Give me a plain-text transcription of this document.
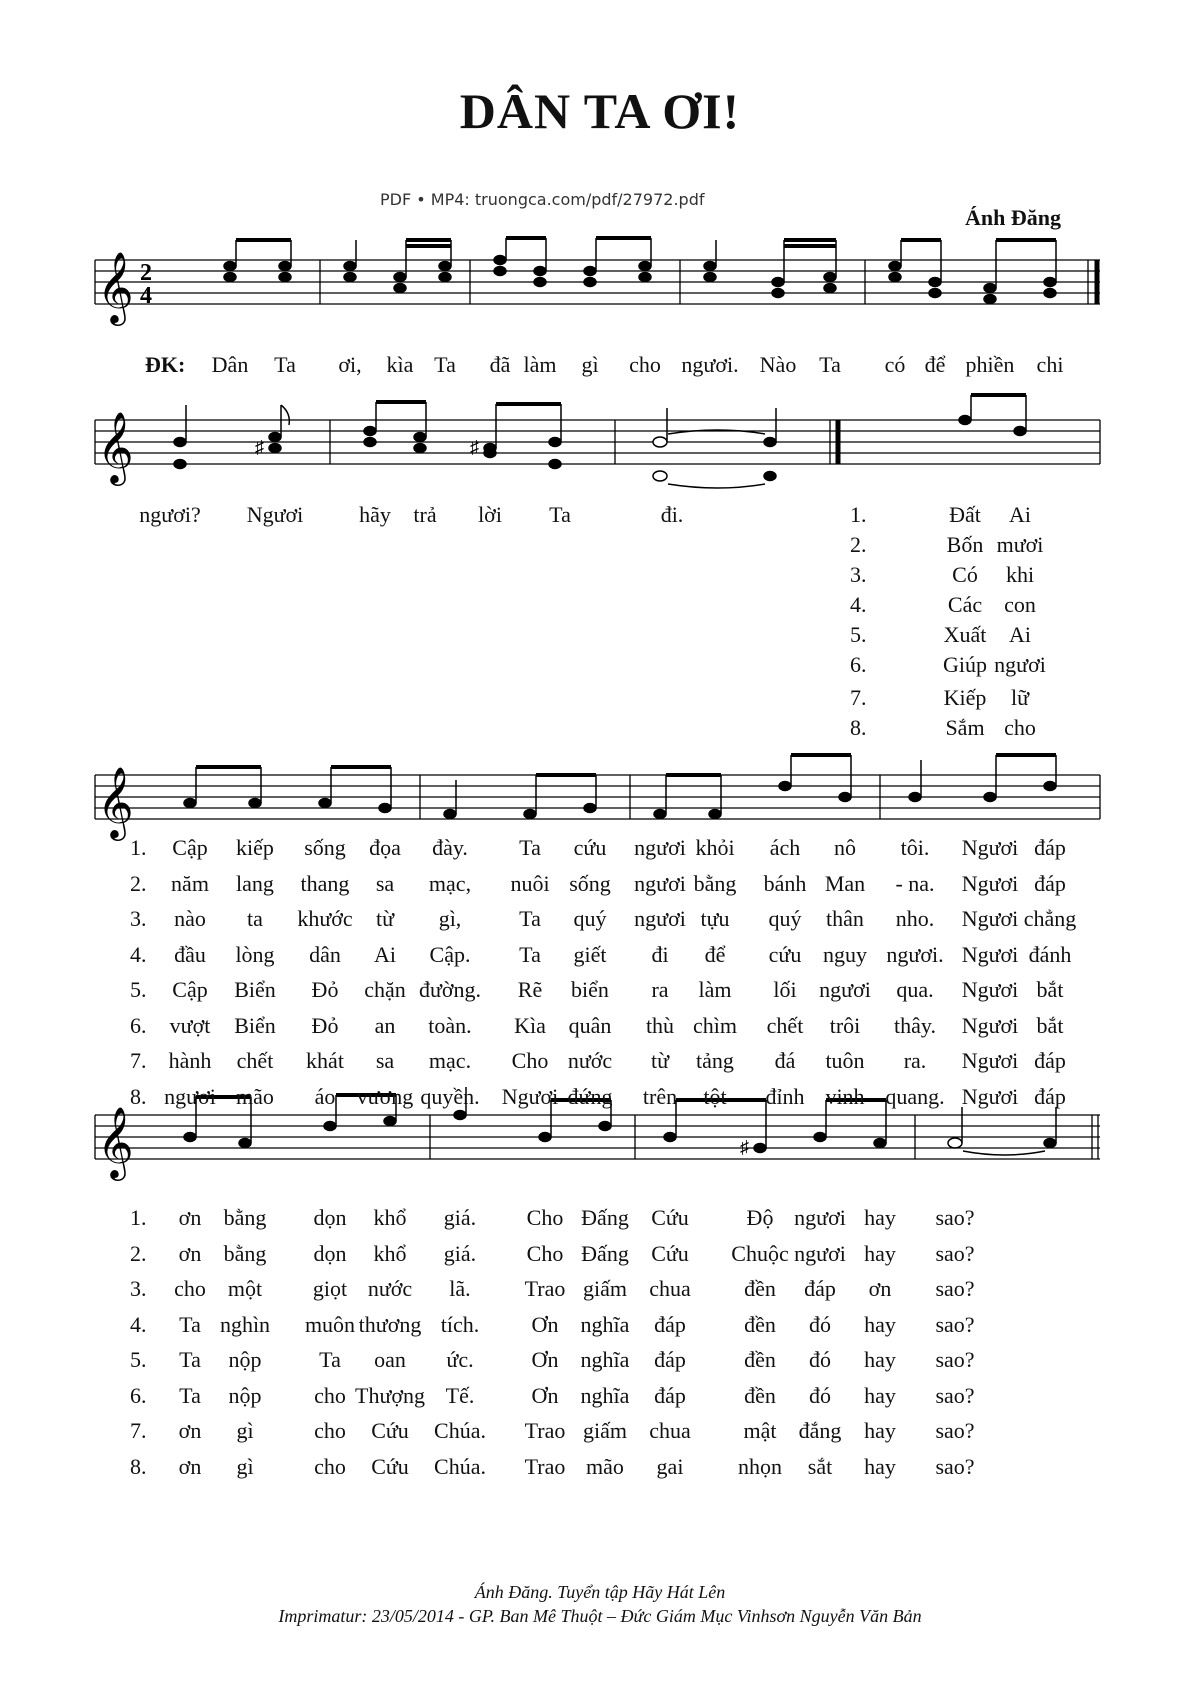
DÂN TA ƠI!
PDF • MP4: truongca.com/pdf/27972.pdf
Ánh Đăng
𝄞 2
4
ĐK:
𝄞	♯	♯
𝄞
𝄞	♯
Dân Ta ơi, kìa Ta đã làm gì cho ngươi. Nào Ta có để phiền chi
ngươi? Ngươi	hãy trả lời Ta	đi.	1.	Đất Ai
2.	Bốn mươi
3.	Có khi
4.	Các con
5.	Xuất Ai
6.	Giúp ngươi
7.	Kiếp lữ
8.	Sắm cho
1. Cập kiếp sống đọa đày. Ta cứu ngươi khỏi ách nô tôi. Ngươi đáp
2. năm lang thang sa mạc, nuôi sống ngươi bằng bánh Man - na. Ngươi đáp
3. nào ta khước từ gì,	Ta quý ngươi tựu quý thân nho. Ngươi chẳng
4. đầu lòng dân Ai Cập. Ta giết đi để cứu nguy ngươi. Ngươi đánh
5. Cập Biển Đỏ chặn đường. Rẽ biển ra làm lối ngươi qua. Ngươi bắt
6. vượt Biển Đỏ an toàn. Kìa quân thù chìm chết trôi thây. Ngươi bắt
7. hành chết khát sa mạc. Cho nước từ tảng đá tuôn ra. Ngươi đáp
8. ngươi mão áo vương quyền. Ngươi đứng trên tột đỉnh vinh quang. Ngươi đáp
1. ơn bằng dọn khổ giá. Cho Đấng Cứu	Độ ngươi hay sao?
2. ơn bằng dọn khổ giá. Cho Đấng Cứu Chuộc ngươi hay sao?
3. cho một giọt nước lã. Trao giấm chua đền đáp ơn sao?
4. Ta nghìn muôn thương tích. Ơn nghĩa đáp	đền đó hay sao?
5. Ta nộp	Ta oan ức.	Ơn nghĩa đáp	đền đó hay sao?
6. Ta nộp cho Thượng Tế.	Ơn nghĩa đáp	đền đó hay sao?
7. ơn gì	cho Cứu Chúa. Trao giấm chua mật đắng hay sao?
8. ơn gì	cho Cứu Chúa. Trao mão gai nhọn sắt hay sao?
Ánh Đăng. Tuyển tập Hãy Hát Lên
Imprimatur: 23/05/2014 - GP. Ban Mê Thuột – Đức Giám Mục Vinhsơn Nguyễn Văn Bản
